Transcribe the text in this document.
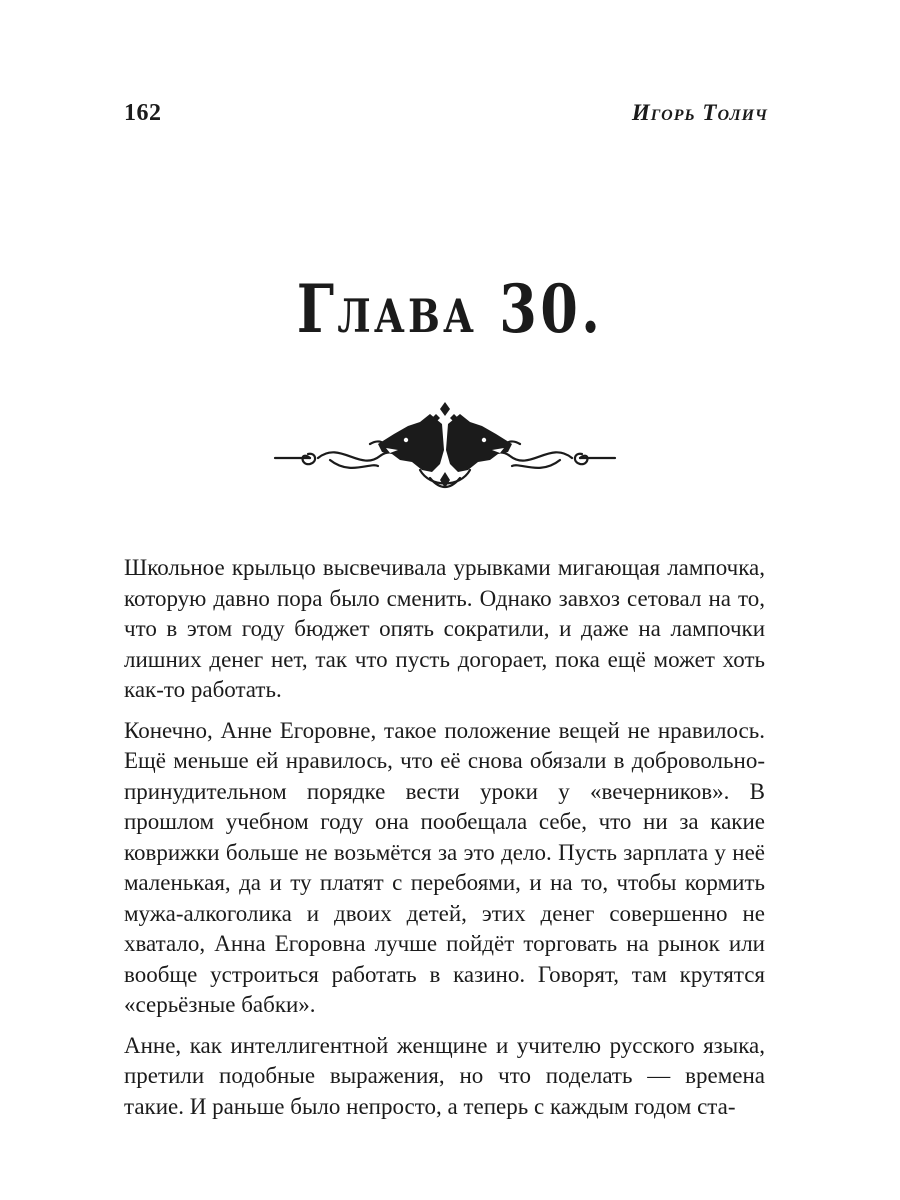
162	Игорь Толич
Глава 30.

Школьное крыльцо высвечивала урывками мигающая лампочка, которую давно пора было сменить. Однако завхоз сетовал на то, что в этом году бюджет опять сократили, и даже на лампочки лишних денег нет, так что пусть догорает, пока ещё может хоть как-то работать.

Конечно, Анне Егоровне, такое положение вещей не нравилось. Ещё меньше ей нравилось, что её снова обязали в добровольно-принудительном порядке вести уроки у «вечерников». В прошлом учебном году она пообещала себе, что ни за какие коврижки больше не возьмётся за это дело. Пусть зарплата у неё маленькая, да и ту платят с перебоями, и на то, чтобы кормить мужа-алкоголика и двоих детей, этих денег совершенно не хватало, Анна Егоровна лучше пойдёт торговать на рынок или вообще устроиться работать в казино. Говорят, там крутятся «серьёзные бабки».

Анне, как интеллигентной женщине и учителю русского языка, претили подобные выражения, но что поделать — времена такие. И раньше было непросто, а теперь с каждым годом ста-
